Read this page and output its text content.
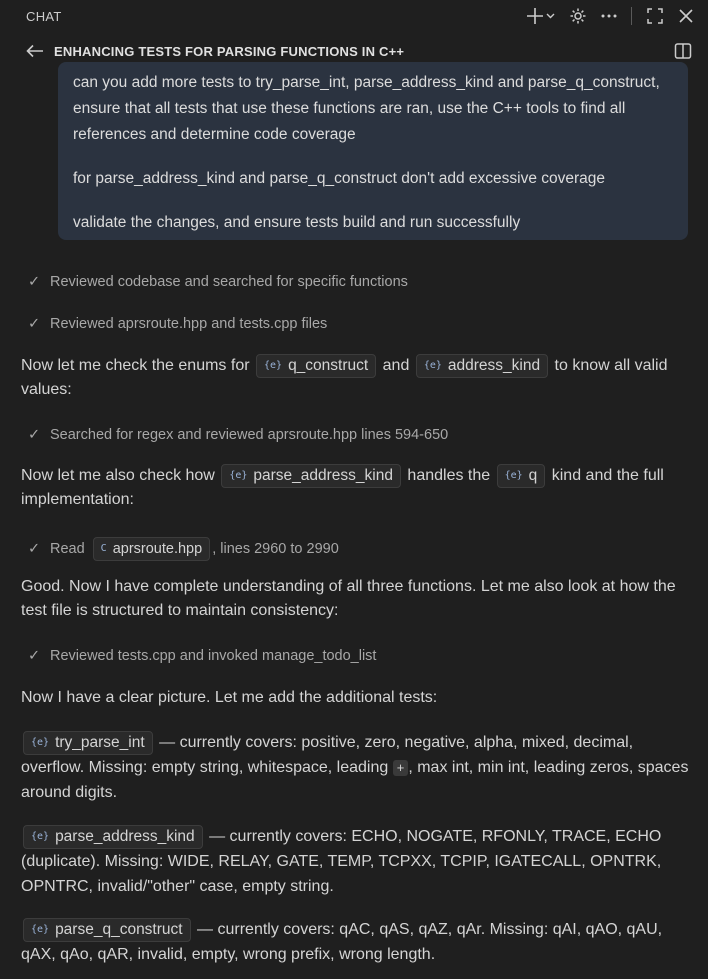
CHAT
ENHANCING TESTS FOR PARSING FUNCTIONS IN C++

can you add more tests to try_parse_int, parse_address_kind and parse_q_construct, ensure that all tests that use these functions are ran, use the C++ tools to find all references and determine code coverage

for parse_address_kind and parse_q_construct don't add excessive coverage

validate the changes, and ensure tests build and run successfully

✓ Reviewed codebase and searched for specific functions
✓ Reviewed aprsroute.hpp and tests.cpp files
Now let me check the enums for {e} q_construct and {e} address_kind to know all valid values:
✓ Searched for regex and reviewed aprsroute.hpp lines 594-650
Now let me also check how {e} parse_address_kind handles the {e} q kind and the full implementation:
✓ Read C aprsroute.hpp , lines 2960 to 2990
Good. Now I have complete understanding of all three functions. Let me also look at how the test file is structured to maintain consistency:
✓ Reviewed tests.cpp and invoked manage_todo_list
Now I have a clear picture. Let me add the additional tests:
{e} try_parse_int — currently covers: positive, zero, negative, alpha, mixed, decimal, overflow. Missing: empty string, whitespace, leading + , max int, min int, leading zeros, spaces around digits.
{e} parse_address_kind — currently covers: ECHO, NOGATE, RFONLY, TRACE, ECHO (duplicate). Missing: WIDE, RELAY, GATE, TEMP, TCPXX, TCPIP, IGATECALL, OPNTRK, OPNTRC, invalid/"other" case, empty string.
{e} parse_q_construct — currently covers: qAC, qAS, qAZ, qAr. Missing: qAI, qAO, qAU, qAX, qAo, qAR, invalid, empty, wrong prefix, wrong length.
